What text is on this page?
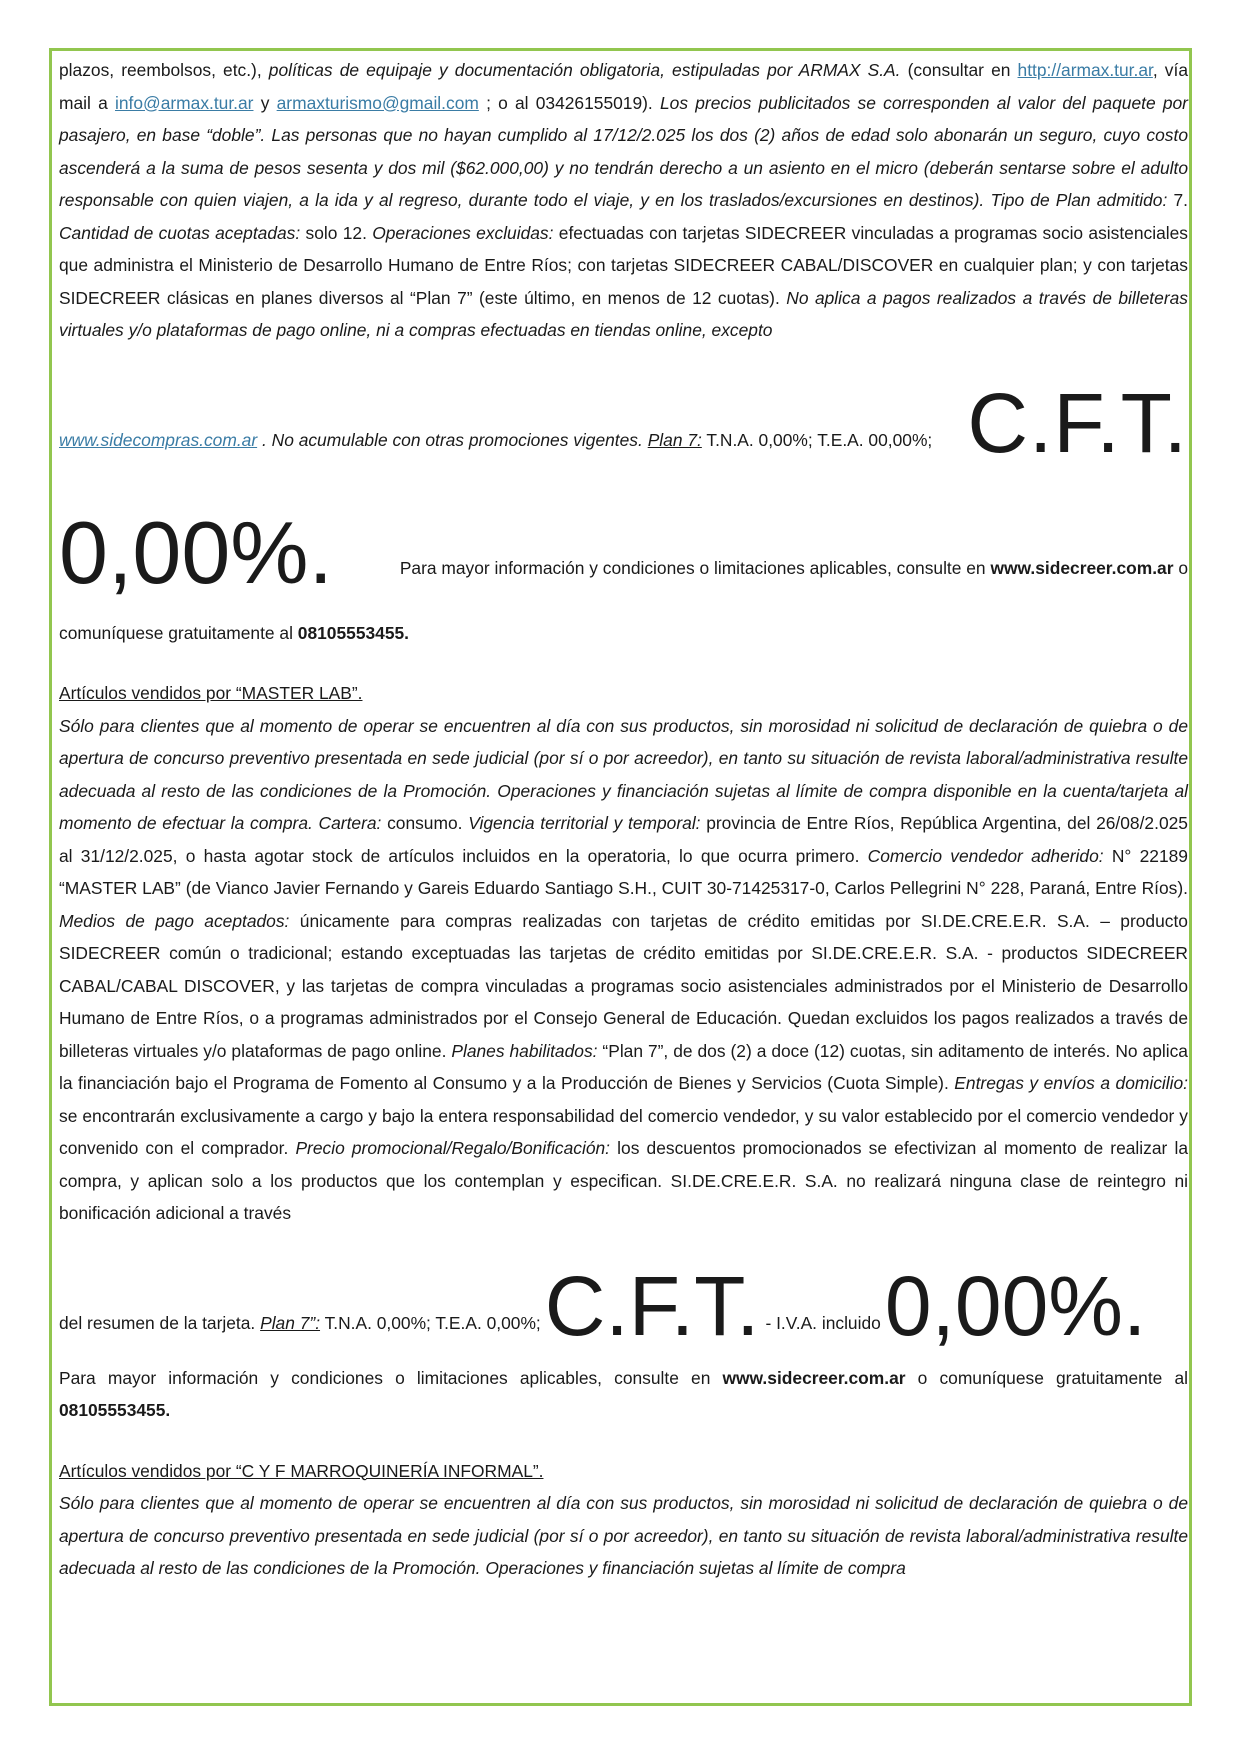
plazos, reembolsos, etc.), políticas de equipaje y documentación obligatoria, estipuladas por ARMAX S.A. (consultar en http://armax.tur.ar, vía mail a info@armax.tur.ar y armaxturismo@gmail.com ; o al 03426155019). Los precios publicitados se corresponden al valor del paquete por pasajero, en base “doble”. Las personas que no hayan cumplido al 17/12/2.025 los dos (2) años de edad solo abonarán un seguro, cuyo costo ascenderá a la suma de pesos sesenta y dos mil ($62.000,00) y no tendrán derecho a un asiento en el micro (deberán sentarse sobre el adulto responsable con quien viajen, a la ida y al regreso, durante todo el viaje, y en los traslados/excursiones en destinos). Tipo de Plan admitido: 7. Cantidad de cuotas aceptadas: solo 12. Operaciones excluidas: efectuadas con tarjetas SIDECREER vinculadas a programas socio asistenciales que administra el Ministerio de Desarrollo Humano de Entre Ríos; con tarjetas SIDECREER CABAL/DISCOVER en cualquier plan; y con tarjetas SIDECREER clásicas en planes diversos al “Plan 7” (este último, en menos de 12 cuotas). No aplica a pagos realizados a través de billeteras virtuales y/o plataformas de pago online, ni a compras efectuadas en tiendas online, excepto

www.sidecompras.com.ar . No acumulable con otras promociones vigentes. Plan 7: T.N.A. 0,00%; T.E.A. 00,00%; C.F.T.
0,00%.	Para mayor información y condiciones o limitaciones aplicables, consulte en www.sidecreer.com.ar o

comuníquese gratuitamente al 08105553455.

Artículos vendidos por “MASTER LAB”.

Sólo para clientes que al momento de operar se encuentren al día con sus productos, sin morosidad ni solicitud de declaración de quiebra o de apertura de concurso preventivo presentada en sede judicial (por sí o por acreedor), en tanto su situación de revista laboral/administrativa resulte adecuada al resto de las condiciones de la Promoción. Operaciones y financiación sujetas al límite de compra disponible en la cuenta/tarjeta al momento de efectuar la compra. Cartera: consumo. Vigencia territorial y temporal: provincia de Entre Ríos, República Argentina, del 26/08/2.025 al 31/12/2.025, o hasta agotar stock de artículos incluidos en la operatoria, lo que ocurra primero. Comercio vendedor adherido: N° 22189 “MASTER LAB” (de Vianco Javier Fernando y Gareis Eduardo Santiago S.H., CUIT 30-71425317-0, Carlos Pellegrini N° 228, Paraná, Entre Ríos). Medios de pago aceptados: únicamente para compras realizadas con tarjetas de crédito emitidas por SI.DE.CRE.E.R. S.A. – producto SIDECREER común o tradicional; estando exceptuadas las tarjetas de crédito emitidas por SI.DE.CRE.E.R. S.A. - productos SIDECREER CABAL/CABAL DISCOVER, y las tarjetas de compra vinculadas a programas socio asistenciales administrados por el Ministerio de Desarrollo Humano de Entre Ríos, o a programas administrados por el Consejo General de Educación. Quedan excluidos los pagos realizados a través de billeteras virtuales y/o plataformas de pago online. Planes habilitados: “Plan 7”, de dos (2) a doce (12) cuotas, sin aditamento de interés. No aplica la financiación bajo el Programa de Fomento al Consumo y a la Producción de Bienes y Servicios (Cuota Simple). Entregas y envíos a domicilio: se encontrarán exclusivamente a cargo y bajo la entera responsabilidad del comercio vendedor, y su valor establecido por el comercio vendedor y convenido con el comprador. Precio promocional/Regalo/Bonificación: los descuentos promocionados se efectivizan al momento de realizar la compra, y aplican solo a los productos que los contemplan y especifican. SI.DE.CRE.E.R. S.A. no realizará ninguna clase de reintegro ni bonificación adicional a través

del resumen de la tarjeta. Plan 7”: T.N.A. 0,00%; T.E.A. 0,00%; C.F.T. - I.V.A. incluido 0,00%.

Para mayor información y condiciones o limitaciones aplicables, consulte en www.sidecreer.com.ar o comuníquese gratuitamente al 08105553455.

Artículos vendidos por “C Y F MARROQUINERÍA INFORMAL”.

Sólo para clientes que al momento de operar se encuentren al día con sus productos, sin morosidad ni solicitud de declaración de quiebra o de apertura de concurso preventivo presentada en sede judicial (por sí o por acreedor), en tanto su situación de revista laboral/administrativa resulte adecuada al resto de las condiciones de la Promoción. Operaciones y financiación sujetas al límite de compra
